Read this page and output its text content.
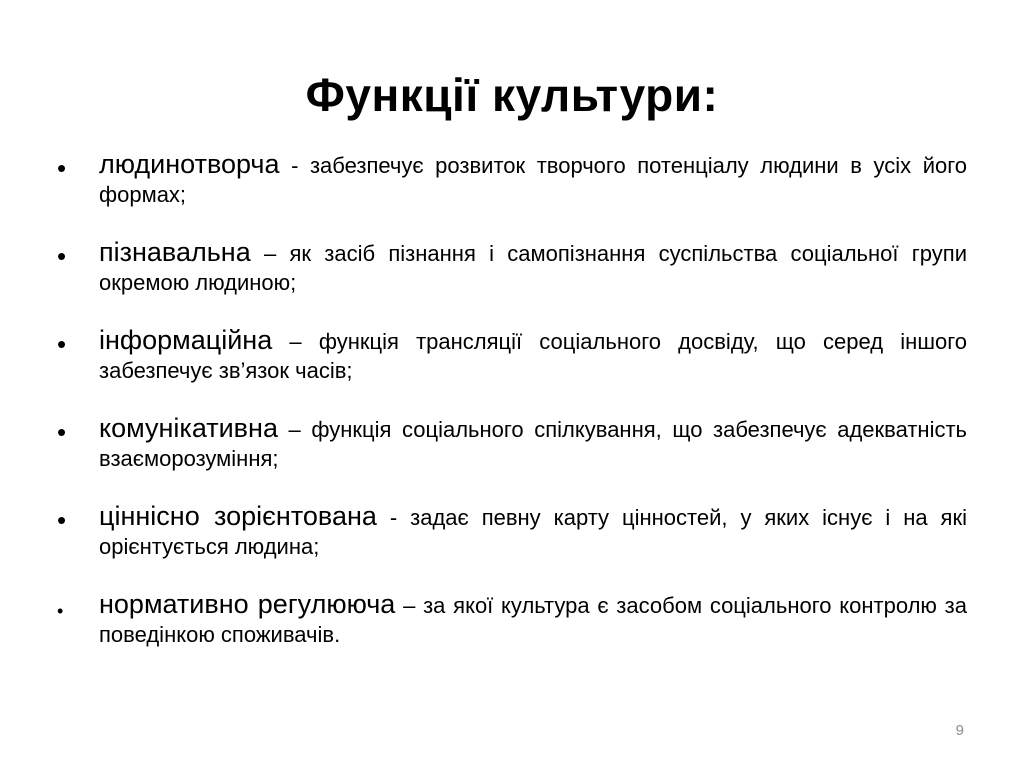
Функції культури:
• людинотворча - забезпечує розвиток творчого потенціалу людини в усіх його формах;
• пізнавальна – як засіб пізнання і самопізнання суспільства соціальної групи окремою людиною;
• інформаційна – функція трансляції соціального досвіду, що серед іншого забезпечує зв’язок часів;
• комунікативна – функція соціального спілкування, що забезпечує адекватність взаєморозуміння;
• ціннісно зорієнтована - задає певну карту цінностей, у яких існує і на які орієнтується людина;
• нормативно регулююча – за якої культура є засобом соціального контролю за поведінкою споживачів.
9
